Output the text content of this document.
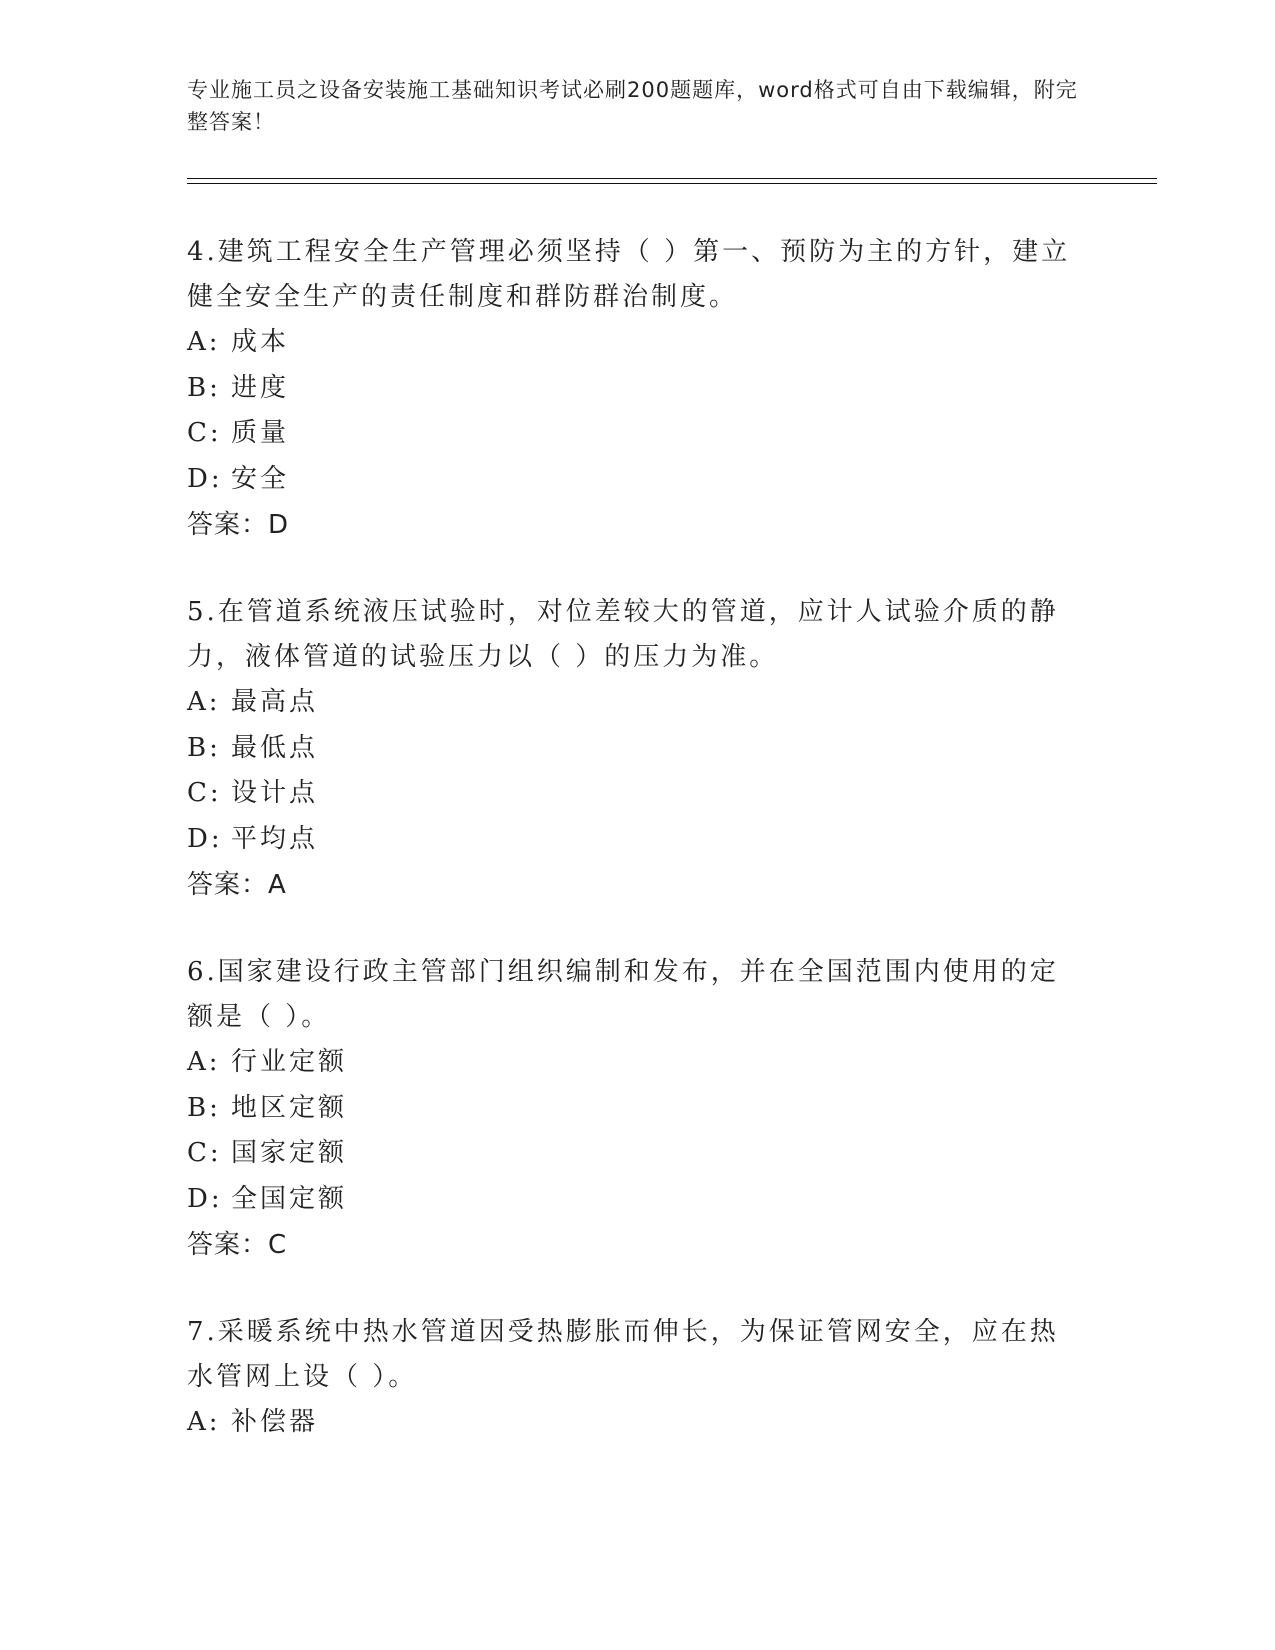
专业施工员之设备安装施工基础知识考试必刷200题题库，word格式可自由下载编辑，附完整答案！

4.建筑工程安全生产管理必须坚持（ ）第一、预防为主的方针，建立健全安全生产的责任制度和群防群治制度。

A: 成本

B: 进度

C: 质量

D: 安全

答案：D

5.在管道系统液压试验时，对位差较大的管道，应计人试验介质的静力，液体管道的试验压力以（ ）的压力为准。

A: 最高点

B: 最低点

C: 设计点

D: 平均点

答案：A

6.国家建设行政主管部门组织编制和发布，并在全国范围内使用的定额是（ ）。

A: 行业定额

B: 地区定额

C: 国家定额

D: 全国定额

答案：C

7.采暖系统中热水管道因受热膨胀而伸长，为保证管网安全，应在热水管网上设（ ）。

A: 补偿器
